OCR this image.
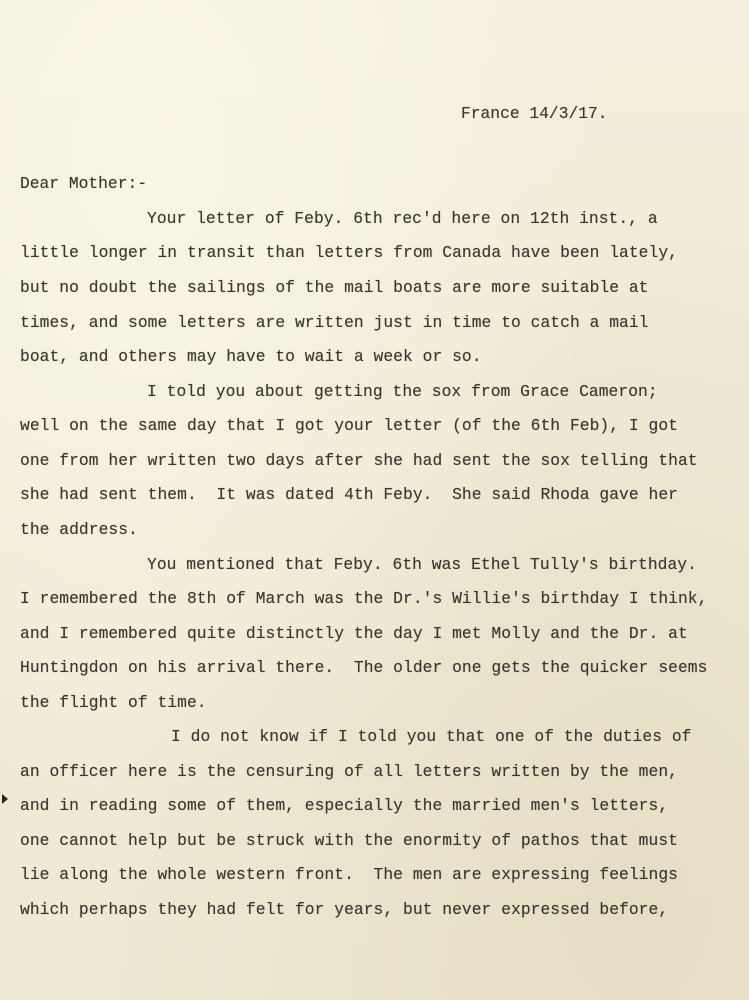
France 14/3/17.
Dear Mother:-
Your letter of Feby. 6th rec'd here on 12th inst., a
little longer in transit than letters from Canada have been lately,
but no doubt the sailings of the mail boats are more suitable at
times, and some letters are written just in time to catch a mail
boat, and others may have to wait a week or so.
I told you about getting the sox from Grace Cameron;
well on the same day that I got your letter (of the 6th Feb), I got
one from her written two days after she had sent the sox telling that
she had sent them.  It was dated 4th Feby.  She said Rhoda gave her
the address.
You mentioned that Feby. 6th was Ethel Tully's birthday.
I remembered the 8th of March was the Dr.'s Willie's birthday I think,
and I remembered quite distinctly the day I met Molly and the Dr. at
Huntingdon on his arrival there.  The older one gets the quicker seems
the flight of time.
I do not know if I told you that one of the duties of
an officer here is the censuring of all letters written by the men,
and in reading some of them, especially the married men's letters,
one cannot help but be struck with the enormity of pathos that must
lie along the whole western front.  The men are expressing feelings
which perhaps they had felt for years, but never expressed before,
